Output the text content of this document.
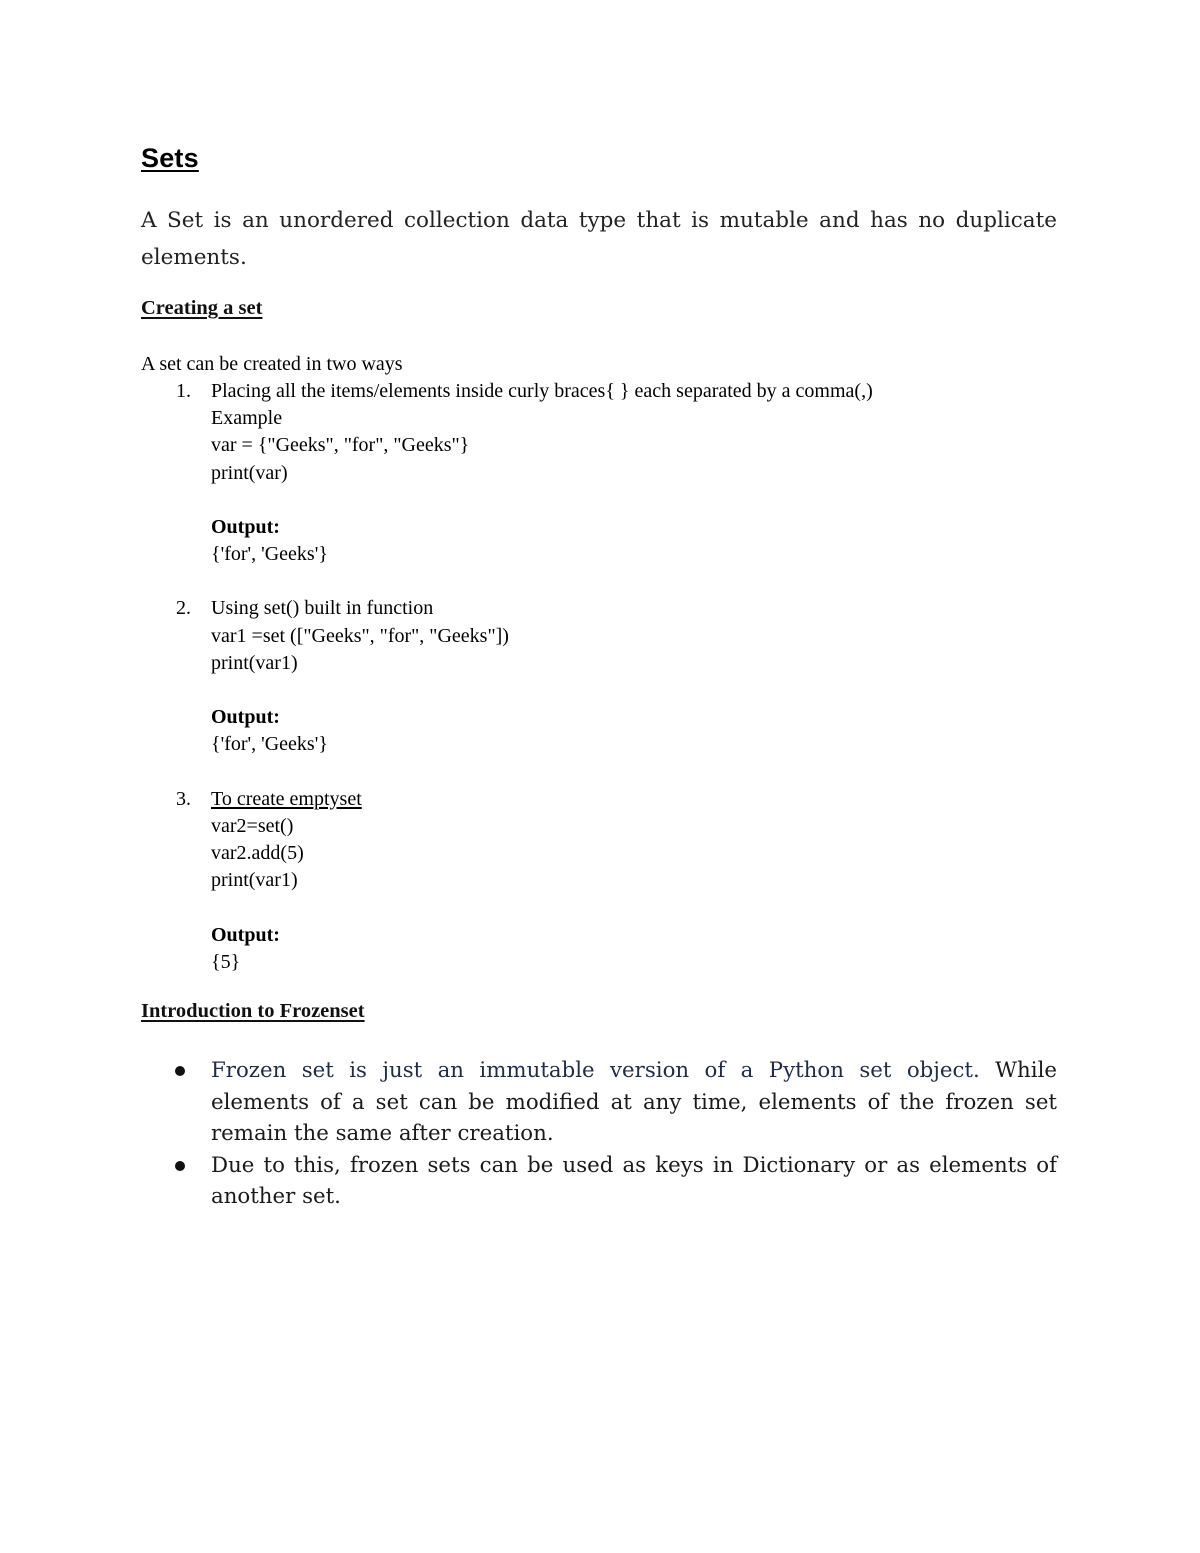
Sets

A Set is an unordered collection data type that is mutable and has no duplicate elements.

Creating a set

A set can be created in two ways

1. Placing all the items/elements inside curly braces{ } each separated by a comma(,)
Example
var = {"Geeks", "for", "Geeks"}
print(var)
Output:
{'for', 'Geeks'}
2. Using set() built in function
var1 =set (["Geeks", "for", "Geeks"])
print(var1)
Output:
{'for', 'Geeks'}
3. To create emptyset
var2=set()
var2.add(5)
print(var1)
Output:
{5}
Introduction to Frozenset
Frozen set is just an immutable version of a Python set object. While elements of a set can be modified at any time, elements of the frozen set remain the same after creation.
Due to this, frozen sets can be used as keys in Dictionary or as elements of another set.
